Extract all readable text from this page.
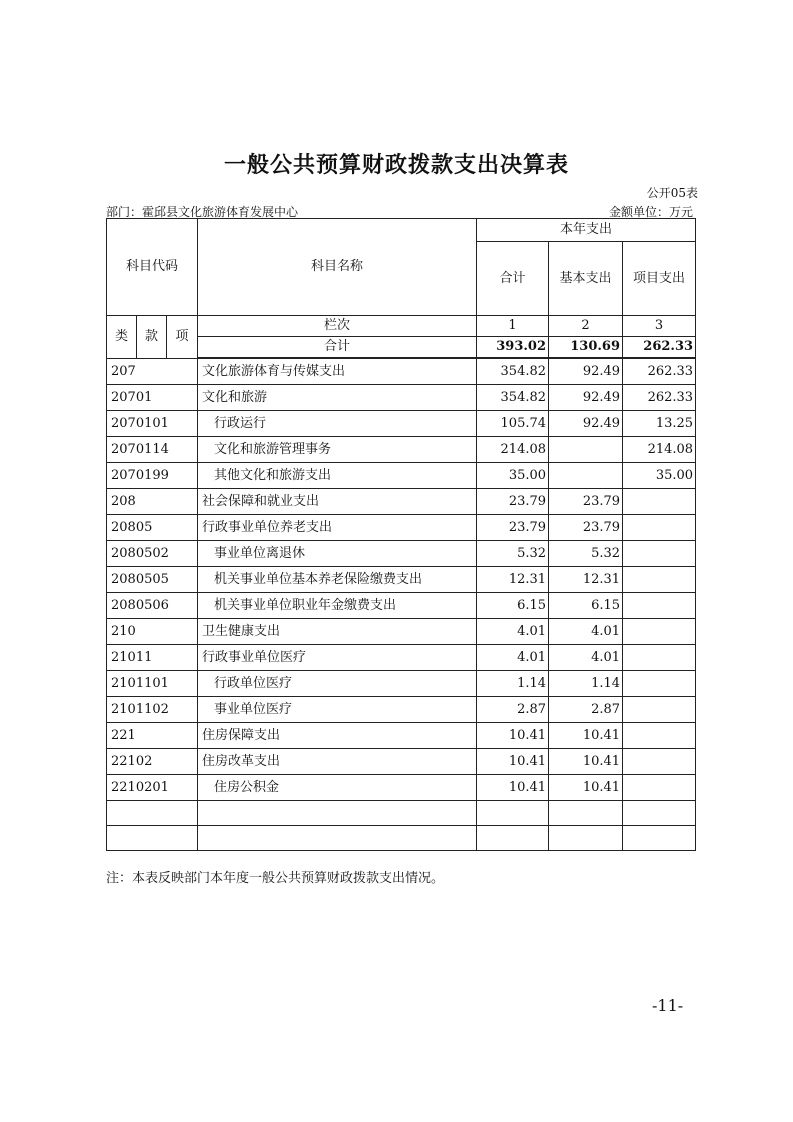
一般公共预算财政拨款支出决算表
公开05表
部门：霍邱县文化旅游体育发展中心	金额单位：万元
科目代码			科目名称	本年支出		
				合计	基本支出	项目支出
类	款	项	栏次	1	2	3
			合计	393.02	130.69	262.33
207			文化旅游体育与传媒支出	354.82	92.49	262.33
20701			文化和旅游	354.82	92.49	262.33
2070101			行政运行	105.74	92.49	13.25
2070114			文化和旅游管理事务	214.08		214.08
2070199			其他文化和旅游支出	35.00		35.00
208			社会保障和就业支出	23.79	23.79	
20805			行政事业单位养老支出	23.79	23.79	
2080502			事业单位离退休	5.32	5.32	
2080505			机关事业单位基本养老保险缴费支出	12.31	12.31	
2080506			机关事业单位职业年金缴费支出	6.15	6.15	
210			卫生健康支出	4.01	4.01	
21011			行政事业单位医疗	4.01	4.01	
2101101			行政单位医疗	1.14	1.14	
2101102			事业单位医疗	2.87	2.87	
221			住房保障支出	10.41	10.41	
22102			住房改革支出	10.41	10.41	
2210201			住房公积金	10.41	10.41	

注：本表反映部门本年度一般公共预算财政拨款支出情况。
-11-
